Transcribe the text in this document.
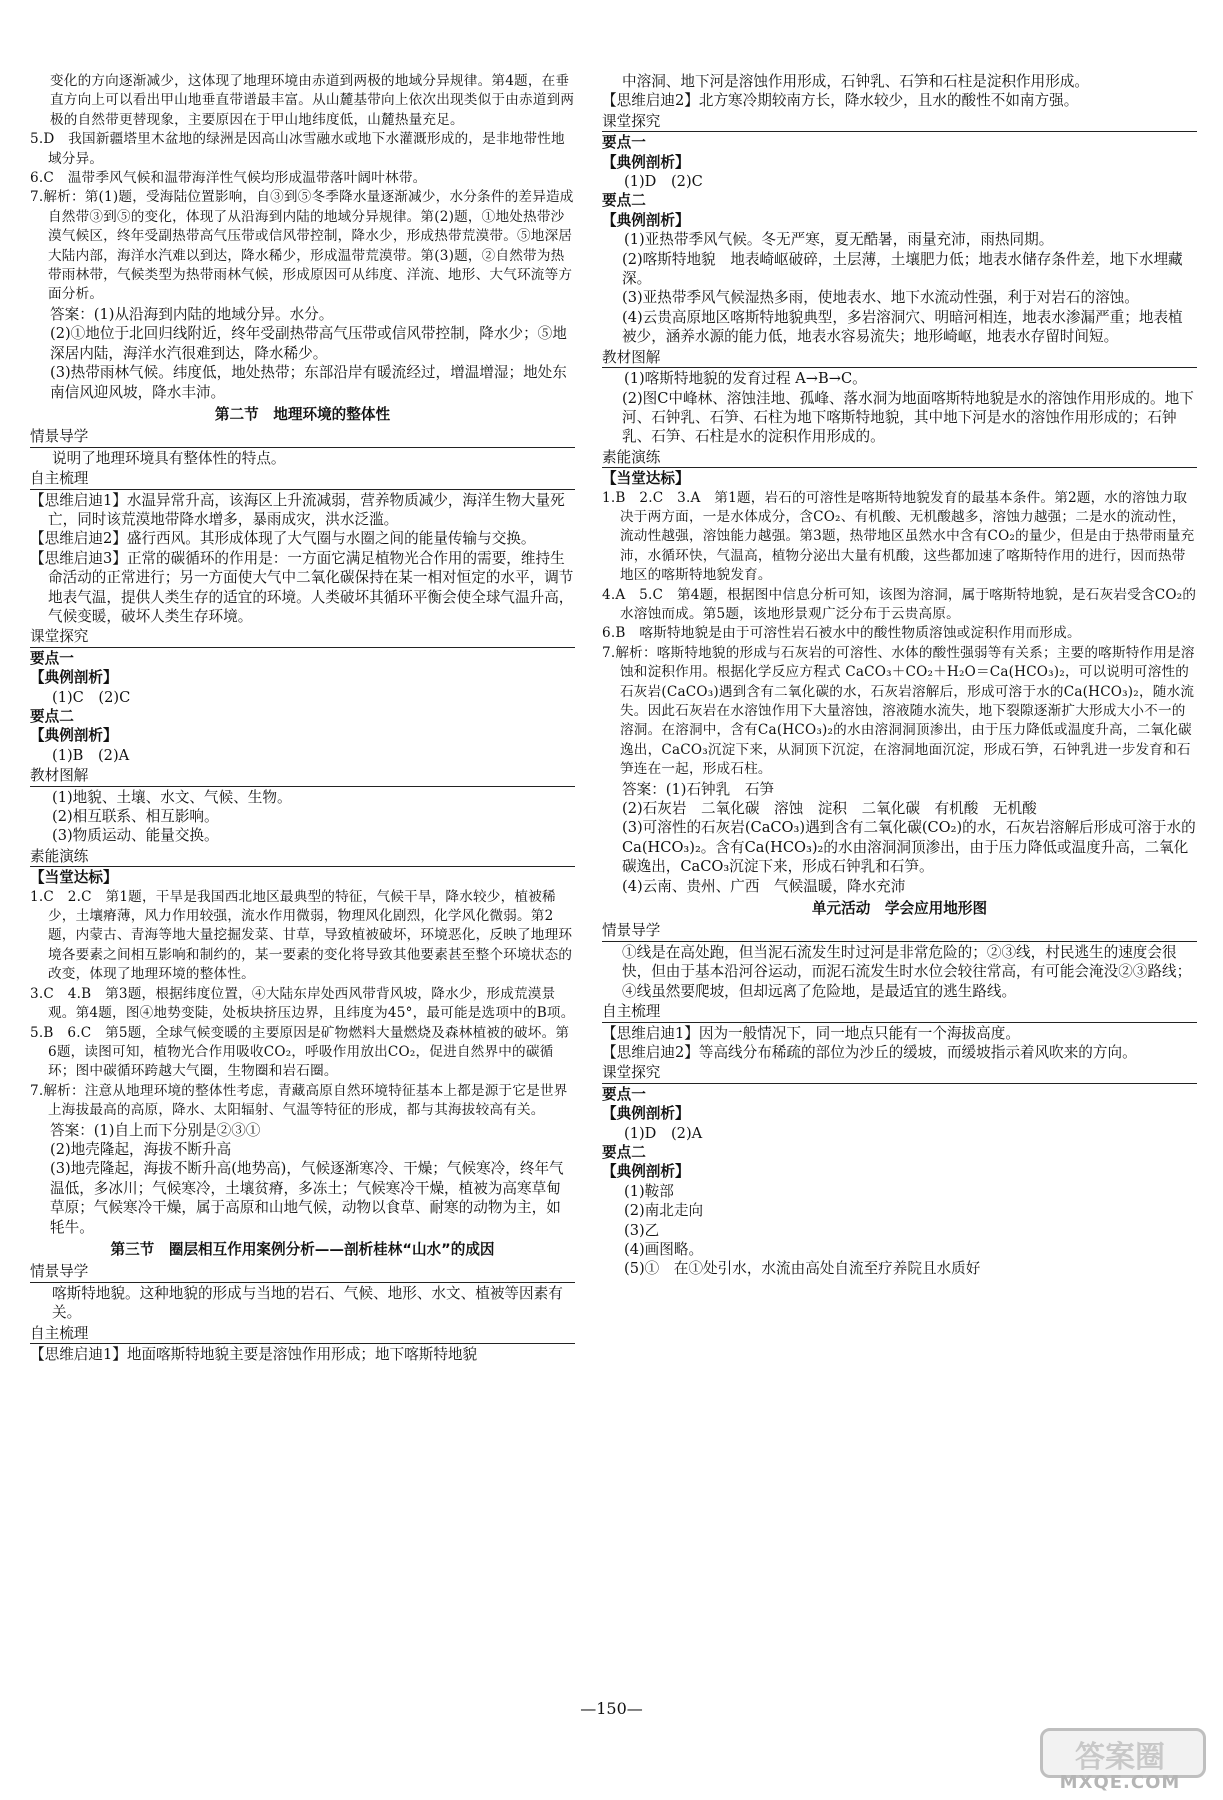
变化的方向逐渐减少，这体现了地理环境由赤道到两极的地域分异规律。第4题，在垂直方向上可以看出甲山地垂直带谱最丰富。从山麓基带向上依次出现类似于由赤道到两极的自然带更替现象，主要原因在于甲山地纬度低，山麓热量充足。

5.D　我国新疆塔里木盆地的绿洲是因高山冰雪融水或地下水灌溉形成的，是非地带性地域分异。

6.C　温带季风气候和温带海洋性气候均形成温带落叶阔叶林带。

7.解析：第(1)题，受海陆位置影响，自③到⑤冬季降水量逐渐减少，水分条件的差异造成自然带③到⑤的变化，体现了从沿海到内陆的地域分异规律。第(2)题，①地处热带沙漠气候区，终年受副热带高气压带或信风带控制，降水少，形成热带荒漠带。⑤地深居大陆内部，海洋水汽难以到达，降水稀少，形成温带荒漠带。第(3)题，②自然带为热带雨林带，气候类型为热带雨林气候，形成原因可从纬度、洋流、地形、大气环流等方面分析。

答案：(1)从沿海到内陆的地域分异。水分。

(2)①地位于北回归线附近，终年受副热带高气压带或信风带控制，降水少；⑤地深居内陆，海洋水汽很难到达，降水稀少。

(3)热带雨林气候。纬度低，地处热带；东部沿岸有暖流经过，增温增湿；地处东南信风迎风坡，降水丰沛。

第二节　地理环境的整体性

情景导学

说明了地理环境具有整体性的特点。

自主梳理

【思维启迪1】水温异常升高，该海区上升流减弱，营养物质减少，海洋生物大量死亡，同时该荒漠地带降水增多，暴雨成灾，洪水泛滥。

【思维启迪2】盛行西风。其形成体现了大气圈与水圈之间的能量传输与交换。

【思维启迪3】正常的碳循环的作用是：一方面它满足植物光合作用的需要，维持生命活动的正常进行；另一方面使大气中二氧化碳保持在某一相对恒定的水平，调节地表气温，提供人类生存的适宜的环境。人类破坏其循环平衡会使全球气温升高，气候变暖，破坏人类生存环境。

课堂探究

要点一

【典例剖析】

(1)C　(2)C

要点二

【典例剖析】

(1)B　(2)A

教材图解

(1)地貌、土壤、水文、气候、生物。

(2)相互联系、相互影响。

(3)物质运动、能量交换。

素能演练

【当堂达标】

1.C　2.C　第1题，干旱是我国西北地区最典型的特征，气候干旱，降水较少，植被稀少，土壤瘠薄，风力作用较强，流水作用微弱，物理风化剧烈，化学风化微弱。第2题，内蒙古、青海等地大量挖掘发菜、甘草，导致植被破坏，环境恶化，反映了地理环境各要素之间相互影响和制约的，某一要素的变化将导致其他要素甚至整个环境状态的改变，体现了地理环境的整体性。

3.C　4.B　第3题，根据纬度位置，④大陆东岸处西风带背风坡，降水少，形成荒漠景观。第4题，图④地势变陡，处板块挤压边界，且纬度为45°，最可能是选项中的B项。

5.B　6.C　第5题，全球气候变暖的主要原因是矿物燃料大量燃烧及森林植被的破坏。第6题，读图可知，植物光合作用吸收CO₂，呼吸作用放出CO₂，促进自然界中的碳循环；图中碳循环跨越大气圈，生物圈和岩石圈。

7.解析：注意从地理环境的整体性考虑，青藏高原自然环境特征基本上都是源于它是世界上海拔最高的高原，降水、太阳辐射、气温等特征的形成，都与其海拔较高有关。

答案：(1)自上而下分别是②③①

(2)地壳隆起，海拔不断升高

(3)地壳隆起，海拔不断升高(地势高)，气候逐渐寒冷、干燥；气候寒冷，终年气温低，多冰川；气候寒冷，土壤贫瘠，多冻土；气候寒冷干燥，植被为高寒草甸草原；气候寒冷干燥，属于高原和山地气候，动物以食草、耐寒的动物为主，如牦牛。

第三节　圈层相互作用案例分析——剖析桂林“山水”的成因

情景导学

喀斯特地貌。这种地貌的形成与当地的岩石、气候、地形、水文、植被等因素有关。

自主梳理

【思维启迪1】地面喀斯特地貌主要是溶蚀作用形成；地下喀斯特地貌

中溶洞、地下河是溶蚀作用形成，石钟乳、石笋和石柱是淀积作用形成。

【思维启迪2】北方寒冷期较南方长，降水较少，且水的酸性不如南方强。

课堂探究

要点一

【典例剖析】

(1)D　(2)C

要点二

【典例剖析】

(1)亚热带季风气候。冬无严寒，夏无酷暑，雨量充沛，雨热同期。

(2)喀斯特地貌　地表崎岖破碎，土层薄，土壤肥力低；地表水储存条件差，地下水埋藏深。

(3)亚热带季风气候湿热多雨，使地表水、地下水流动性强，利于对岩石的溶蚀。

(4)云贵高原地区喀斯特地貌典型，多岩溶洞穴、明暗河相连，地表水渗漏严重；地表植被少，涵养水源的能力低，地表水容易流失；地形崎岖，地表水存留时间短。

教材图解

(1)喀斯特地貌的发育过程 A→B→C。

(2)图C中峰林、溶蚀洼地、孤峰、落水洞为地面喀斯特地貌是水的溶蚀作用形成的。地下河、石钟乳、石笋、石柱为地下喀斯特地貌，其中地下河是水的溶蚀作用形成的；石钟乳、石笋、石柱是水的淀积作用形成的。

素能演练

【当堂达标】

1.B　2.C　3.A　第1题，岩石的可溶性是喀斯特地貌发育的最基本条件。第2题，水的溶蚀力取决于两方面，一是水体成分，含CO₂、有机酸、无机酸越多，溶蚀力越强；二是水的流动性，流动性越强，溶蚀能力越强。第3题，热带地区虽然水中含有CO₂的量少，但是由于热带雨量充沛，水循环快，气温高，植物分泌出大量有机酸，这些都加速了喀斯特作用的进行，因而热带地区的喀斯特地貌发育。

4.A　5.C　第4题，根据图中信息分析可知，该图为溶洞，属于喀斯特地貌，是石灰岩受含CO₂的水溶蚀而成。第5题，该地形景观广泛分布于云贵高原。

6.B　喀斯特地貌是由于可溶性岩石被水中的酸性物质溶蚀或淀积作用而形成。

7.解析：喀斯特地貌的形成与石灰岩的可溶性、水体的酸性强弱等有关系；主要的喀斯特作用是溶蚀和淀积作用。根据化学反应方程式 CaCO₃＋CO₂＋H₂O＝Ca(HCO₃)₂，可以说明可溶性的石灰岩(CaCO₃)遇到含有二氧化碳的水，石灰岩溶解后，形成可溶于水的Ca(HCO₃)₂，随水流失。因此石灰岩在水溶蚀作用下大量溶蚀，溶液随水流失，地下裂隙逐渐扩大形成大小不一的溶洞。在溶洞中，含有Ca(HCO₃)₂的水由溶洞洞顶渗出，由于压力降低或温度升高，二氧化碳逸出，CaCO₃沉淀下来，从洞顶下沉淀，在溶洞地面沉淀，形成石笋，石钟乳进一步发育和石笋连在一起，形成石柱。

答案：(1)石钟乳　石笋

(2)石灰岩　二氧化碳　溶蚀　淀积　二氧化碳　有机酸　无机酸

(3)可溶性的石灰岩(CaCO₃)遇到含有二氧化碳(CO₂)的水，石灰岩溶解后形成可溶于水的Ca(HCO₃)₂。含有Ca(HCO₃)₂的水由溶洞洞顶渗出，由于压力降低或温度升高，二氧化碳逸出，CaCO₃沉淀下来，形成石钟乳和石笋。

(4)云南、贵州、广西　气候温暖，降水充沛

单元活动　学会应用地形图

情景导学

①线是在高处跑，但当泥石流发生时过河是非常危险的；②③线，村民逃生的速度会很快，但由于基本沿河谷运动，而泥石流发生时水位会较往常高，有可能会淹没②③路线；④线虽然要爬坡，但却远离了危险地，是最适宜的逃生路线。

自主梳理

【思维启迪1】因为一般情况下，同一地点只能有一个海拔高度。

【思维启迪2】等高线分布稀疏的部位为沙丘的缓坡，而缓坡指示着风吹来的方向。

课堂探究

要点一

【典例剖析】

(1)D　(2)A

要点二

【典例剖析】

(1)鞍部

(2)南北走向

(3)乙

(4)画图略。

(5)①　在①处引水，水流由高处自流至疗养院且水质好

—150—
答案圈
MXQE.COM
